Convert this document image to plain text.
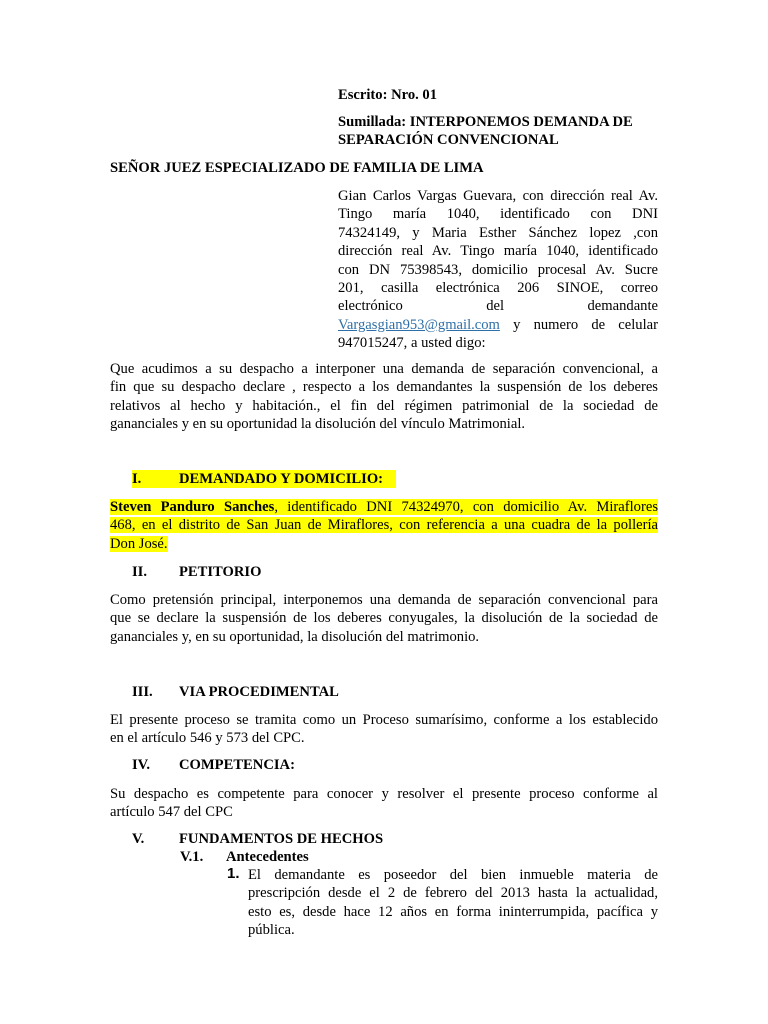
Escrito: Nro. 01
Sumillada: INTERPONEMOS DEMANDA DE
SEPARACIÓN CONVENCIONAL
SEÑOR JUEZ ESPECIALIZADO DE FAMILIA DE LIMA
Gian Carlos Vargas Guevara, con dirección real Av.
Tingo maría 1040, identificado con DNI
74324149, y Maria Esther Sánchez lopez ,con
dirección real Av. Tingo maría 1040, identificado
con DN 75398543, domicilio procesal Av. Sucre
201, casilla electrónica 206 SINOE, correo
electrónico del demandante
Vargasgian953@gmail.com y numero de celular
947015247, a usted digo:
Que acudimos a su despacho a interponer una demanda de separación convencional, a
fin que su despacho declare , respecto a los demandantes la suspensión de los deberes
relativos al hecho y habitación., el fin del régimen patrimonial de la sociedad de
gananciales y en su oportunidad la disolución del vínculo Matrimonial.

I.	DEMANDADO Y DOMICILIO:
Steven Panduro Sanches, identificado DNI 74324970, con domicilio Av. Miraflores
468, en el distrito de San Juan de Miraflores, con referencia a una cuadra de la pollería
Don José.
II. PETITORIO
Como pretensión principal, interponemos una demanda de separación convencional para
que se declare la suspensión de los deberes conyugales, la disolución de la sociedad de
gananciales y, en su oportunidad, la disolución del matrimonio.
III. VIA PROCEDIMENTAL
El presente proceso se tramita como un Proceso sumarísimo, conforme a los establecido
en el artículo 546 y 573 del CPC.
IV. COMPETENCIA:
Su despacho es competente para conocer y resolver el presente proceso conforme al
artículo 547 del CPC
V. FUNDAMENTOS DE HECHOS
V.1. Antecedentes
1. El demandante es poseedor del bien inmueble materia de
prescripción desde el 2 de febrero del 2013 hasta la actualidad,
esto es, desde hace 12 años en forma ininterrumpida, pacífica y
pública.
